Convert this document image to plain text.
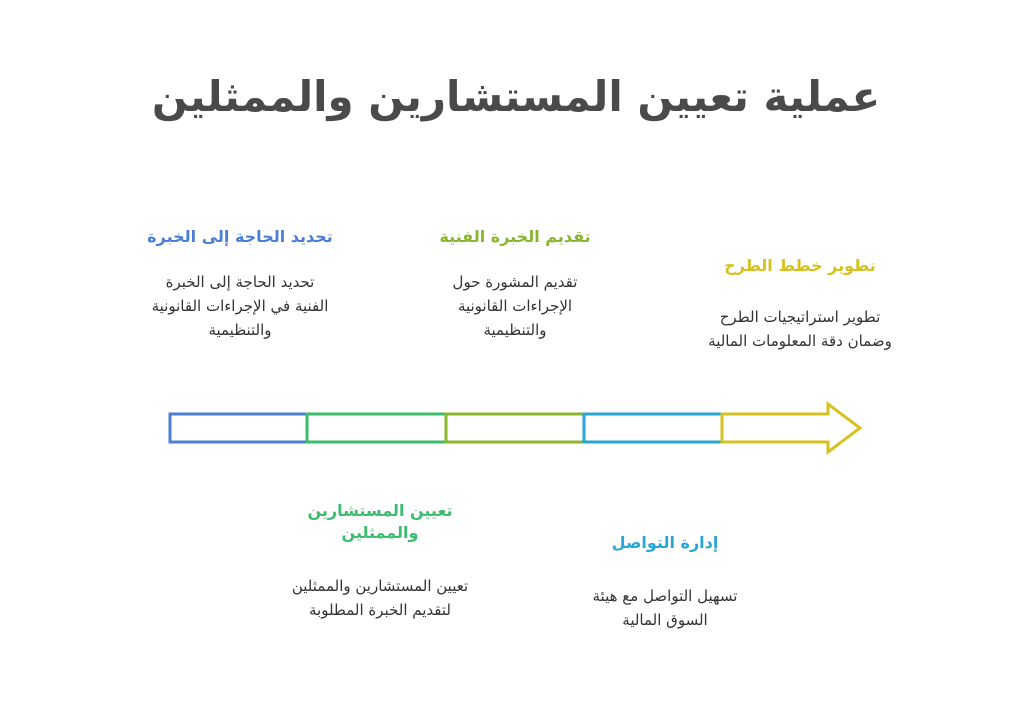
عملية تعيين المستشارين والممثلين
تحديد الحاجة إلى الخبرة
تحديد الحاجة إلى الخبرة
الفنية في الإجراءات القانونية
والتنظيمية
تعيين المستشارين
والممثلين
تعيين المستشارين والممثلين
لتقديم الخبرة المطلوبة
تقديم الخبرة الفنية
تقديم المشورة حول
الإجراءات القانونية
والتنظيمية
إدارة التواصل
تسهيل التواصل مع هيئة
السوق المالية
تطوير خطط الطرح
تطوير استراتيجيات الطرح
وضمان دقة المعلومات المالية
